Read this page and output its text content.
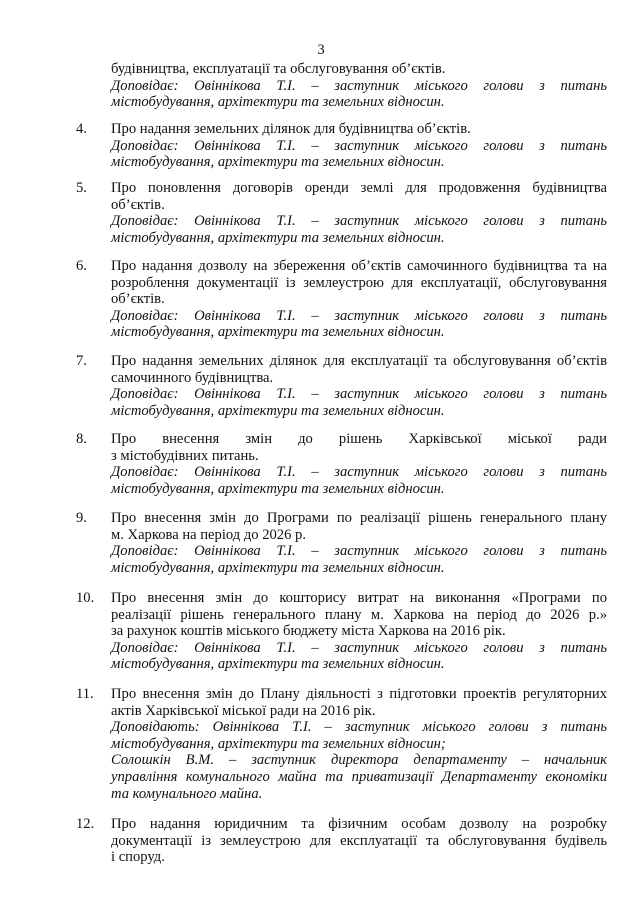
3
будівництва, експлуатації та обслуговування об’єктів.
Доповідає: Овіннікова Т.І. – заступник міського голови з питань
містобудування, архітектури та земельних відносин.
4. Про надання земельних ділянок для будівництва об’єктів.
Доповідає: Овіннікова Т.І. – заступник міського голови з питань
містобудування, архітектури та земельних відносин.
5. Про поновлення договорів оренди землі для продовження будівництва
об’єктів.
Доповідає: Овіннікова Т.І. – заступник міського голови з питань
містобудування, архітектури та земельних відносин.
6. Про надання дозволу на збереження об’єктів самочинного будівництва та на
розроблення документації із землеустрою для експлуатації, обслуговування
об’єктів.
Доповідає: Овіннікова Т.І. – заступник міського голови з питань
містобудування, архітектури та земельних відносин.
7. Про надання земельних ділянок для експлуатації та обслуговування об’єктів
самочинного будівництва.
Доповідає: Овіннікова Т.І. – заступник міського голови з питань
містобудування, архітектури та земельних відносин.
8. Про внесення змін до рішень Харківської міської ради
з містобудівних питань.
Доповідає: Овіннікова Т.І. – заступник міського голови з питань
містобудування, архітектури та земельних відносин.
9. Про внесення змін до Програми по реалізації рішень генерального плану
м. Харкова на період до 2026 р.
Доповідає: Овіннікова Т.І. – заступник міського голови з питань
містобудування, архітектури та земельних відносин.
10. Про внесення змін до кошторису витрат на виконання «Програми по
реалізації рішень генерального плану м. Харкова на період до 2026 р.»
за рахунок коштів міського бюджету міста Харкова на 2016 рік.
Доповідає: Овіннікова Т.І. – заступник міського голови з питань
містобудування, архітектури та земельних відносин.
11. Про внесення змін до Плану діяльності з підготовки проектів регуляторних
актів Харківської міської ради на 2016 рік.
Доповідають: Овіннікова Т.І. – заступник міського голови з питань
містобудування, архітектури та земельних відносин;
Солошкін В.М. – заступник директора департаменту – начальник
управління комунального майна та приватизації Департаменту економіки
та комунального майна.
12. Про надання юридичним та фізичним особам дозволу на розробку
документації із землеустрою для експлуатації та обслуговування будівель
і споруд.
